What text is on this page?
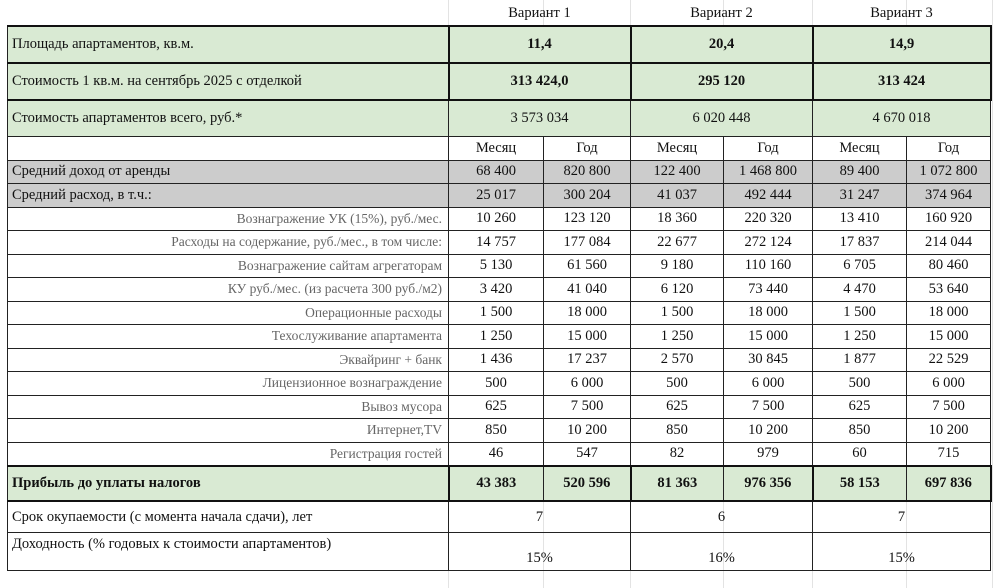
	Вариант 1		Вариант 2		Вариант 3	
Площадь апартаментов, кв.м.	11,4		20,4		14,9	
Стоимость 1 кв.м. на сентябрь 2025 с отделкой	313 424,0		295 120		313 424	
Стоимость апартаментов всего, руб.*	3 573 034		6 020 448		4 670 018	
	Месяц	Год	Месяц	Год	Месяц	Год
Средний доход от аренды	68 400	820 800	122 400	1 468 800	89 400	1 072 800
Средний расход, в т.ч.:	25 017	300 204	41 037	492 444	31 247	374 964
Вознагражение УК (15%), руб./мес.	10 260	123 120	18 360	220 320	13 410	160 920
Расходы на содержание, руб./мес., в том числе:	14 757	177 084	22 677	272 124	17 837	214 044
Вознагражение сайтам агрегаторам	5 130	61 560	9 180	110 160	6 705	80 460
КУ руб./мес. (из расчета 300 руб./м2)	3 420	41 040	6 120	73 440	4 470	53 640
Операционные расходы	1 500	18 000	1 500	18 000	1 500	18 000
Техослуживание апартамента	1 250	15 000	1 250	15 000	1 250	15 000
Эквайринг + банк	1 436	17 237	2 570	30 845	1 877	22 529
Лицензионное вознаграждение	500	6 000	500	6 000	500	6 000
Вывоз мусора	625	7 500	625	7 500	625	7 500
Интернет,TV	850	10 200	850	10 200	850	10 200
Регистрация гостей	46	547	82	979	60	715
Прибыль до уплаты налогов	43 383	520 596	81 363	976 356	58 153	697 836
Срок окупаемости (с момента начала сдачи), лет	7		6		7	
Доходность (% годовых к стоимости апартаментов)	15%		16%		15%	
